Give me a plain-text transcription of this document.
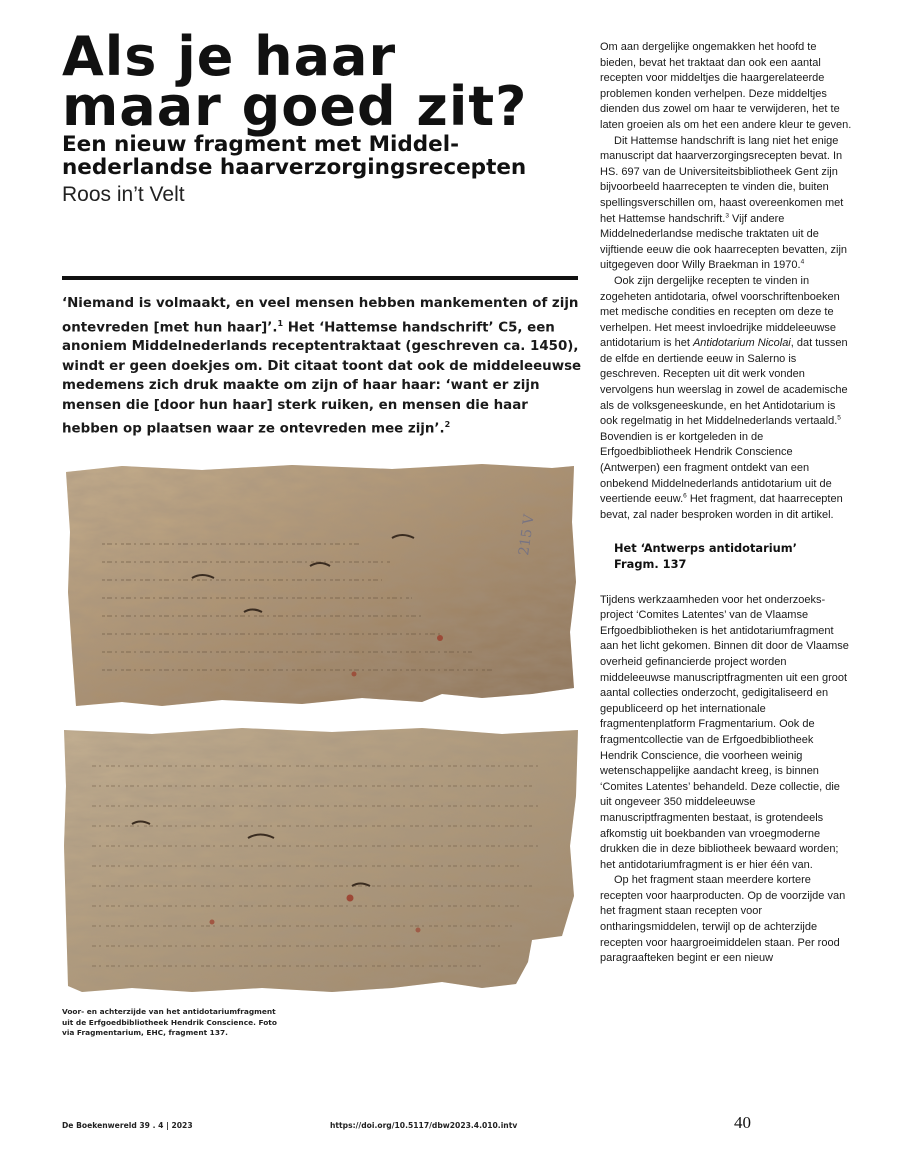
Als je haar
maar goed zit?
Een nieuw fragment met Middel-
nederlandse haarverzorgingsrecepten

Roos in’t Velt

‘Niemand is volmaakt, en veel mensen hebben mankementen of zijn ontevreden [met hun haar]’.$^1$ Het ‘Hattemse handschrift’ C5, een anoniem Middelnederlands receptentraktaat (geschreven ca. 1450), windt er geen doekjes om. Dit citaat toont dat ook de middeleeuwse medemens zich druk maakte om zijn of haar haar: ‘want er zijn mensen die [door hun haar] sterk ruiken, en mensen die haar hebben op plaatsen waar ze ontevreden mee zijn’.$^2$

215 V

Voor- en achterzijde van het antidotariumfragment uit de Erfgoedbibliotheek Hendrik Conscience. Foto via Fragmentarium, EHC, fragment 137.

Om aan dergelijke ongemakken het hoofd te bieden, bevat het traktaat dan ook een aantal recepten voor middeltjes die haargerelateerde problemen konden verhelpen. Deze middeltjes dienden dus zowel om haar te verwijderen, het te laten groeien als om het een andere kleur te geven.

Dit Hattemse handschrift is lang niet het enige manuscript dat haarverzorgingsrecepten bevat. In HS. 697 van de Universiteitsbibliotheek Gent zijn bijvoorbeeld haarrecepten te vinden die, buiten spellingsverschillen om, haast overeenkomen met het Hattemse handschrift.$^3$ Vijf andere Middelnederlandse medische traktaten uit de vijftiende eeuw die ook haarrecepten bevatten, zijn uitgegeven door Willy Braekman in 1970.$^4$

Ook zijn dergelijke recepten te vinden in zogeheten antidotaria, ofwel voorschriftenboeken met medische condities en recepten om deze te verhelpen. Het meest invloedrijke middeleeuwse antidotarium is het Antidotarium Nicolai, dat tussen de elfde en dertiende eeuw in Salerno is geschreven. Recepten uit dit werk vonden vervolgens hun weerslag in zowel de academische als de volksgeneeskunde, en het Antidotarium is ook regelmatig in het Middelnederlands vertaald.$^5$ Bovendien is er kortgeleden in de Erfgoedbibliotheek Hendrik Conscience (Antwerpen) een fragment ontdekt van een onbekend Middelnederlands antidotarium uit de veertiende eeuw.$^6$ Het fragment, dat haarrecepten bevat, zal nader besproken worden in dit artikel.

Het ‘Antwerps antidotarium’
Fragm. 137

Tijdens werkzaamheden voor het onderzoeksproject ‘Comites Latentes’ van de Vlaamse Erfgoedbibliotheken is het antidotariumfragment aan het licht gekomen. Binnen dit door de Vlaamse overheid gefinancierde project worden middeleeuwse manuscriptfragmenten uit een groot aantal collecties onderzocht, gedigitaliseerd en gepubliceerd op het internationale fragmentenplatform Fragmentarium. Ook de fragmentcollectie van de Erfgoedbibliotheek Hendrik Conscience, die voorheen weinig wetenschappelijke aandacht kreeg, is binnen ‘Comites Latentes’ behandeld. Deze collectie, die uit ongeveer 350 middeleeuwse manuscriptfragmenten bestaat, is grotendeels afkomstig uit boekbanden van vroegmoderne drukken die in deze bibliotheek bewaard worden; het antidotariumfragment is er hier één van.

Op het fragment staan meerdere kortere recepten voor haarproducten. Op de voorzijde van het fragment staan recepten voor ontharingsmiddelen, terwijl op de achterzijde recepten voor haargroeimiddelen staan. Per rood paragraafteken begint er een nieuw

De Boekenwereld 39 . 4 | 2023	https://doi.org/10.5117/dbw2023.4.010.intv	40
